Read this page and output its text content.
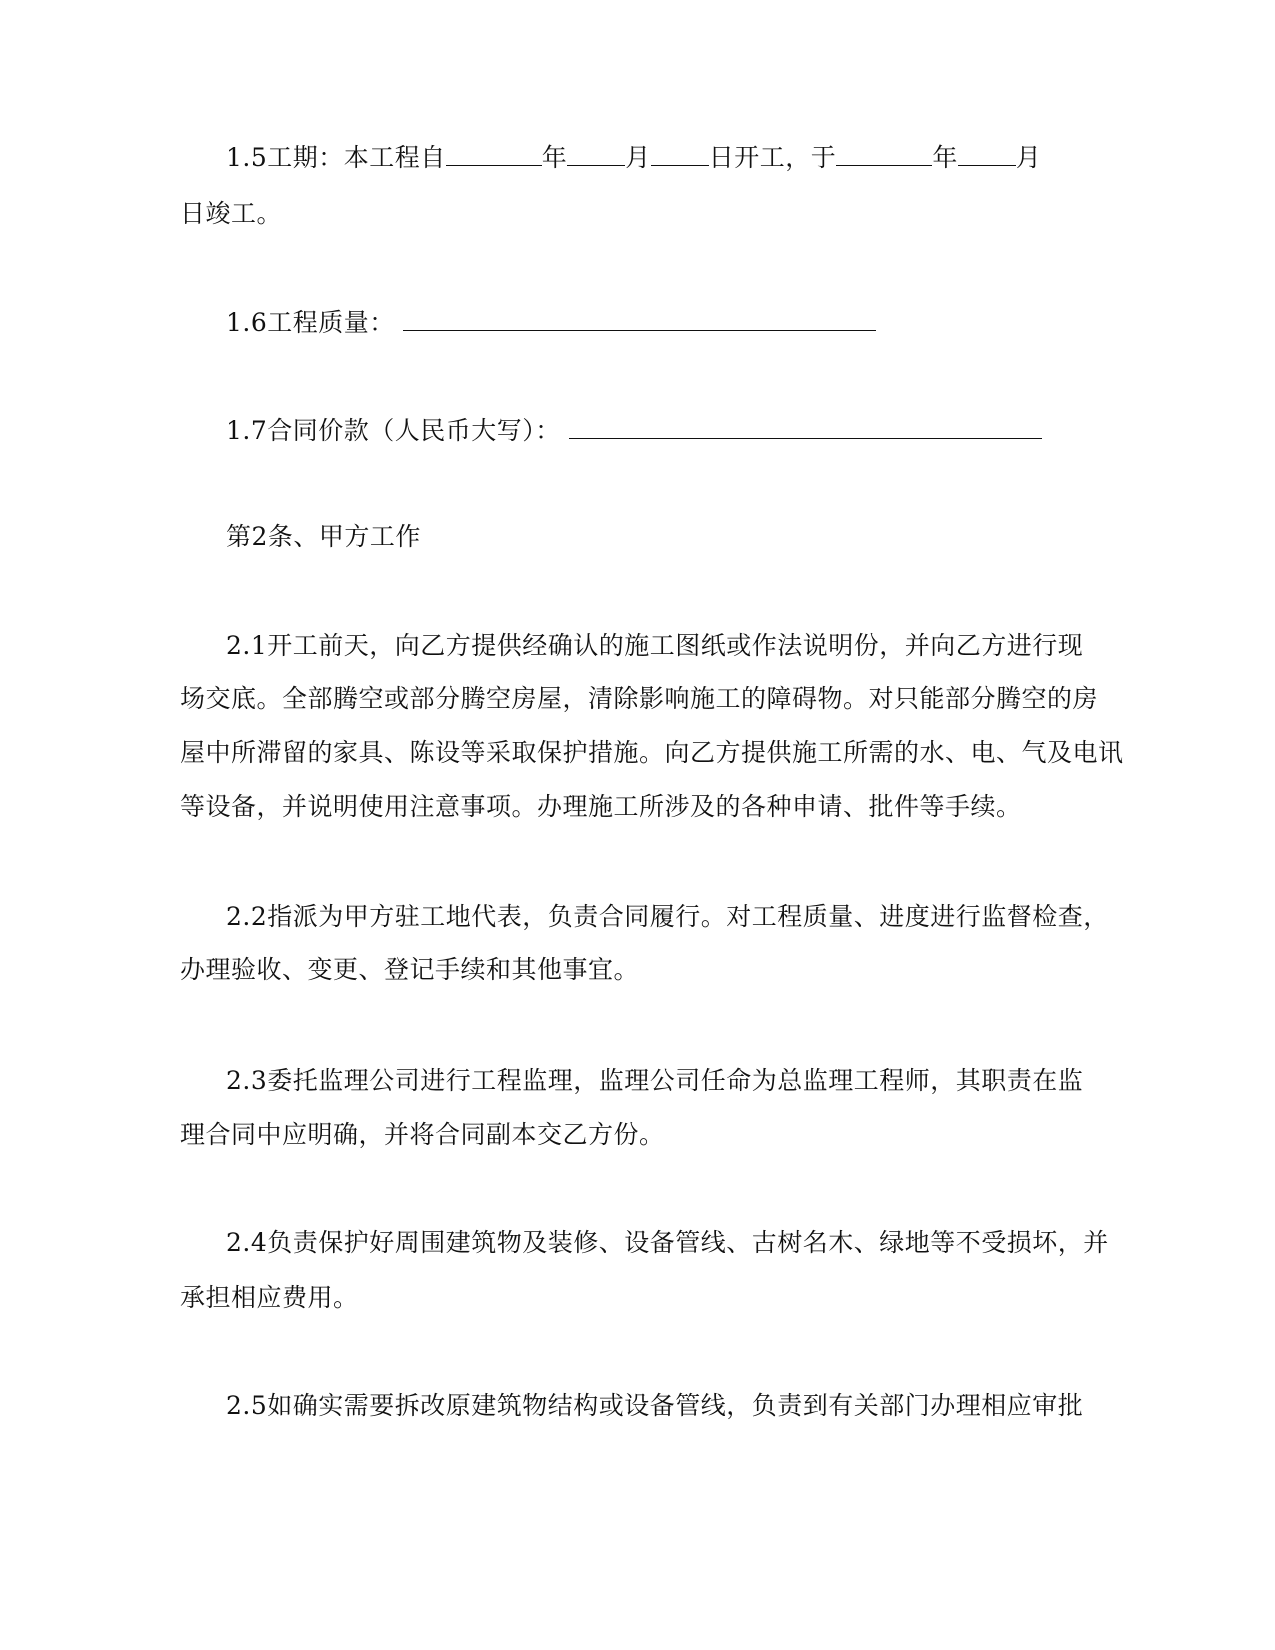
1.5工期：本工程自	年 月 日开工，于	年 月
日竣工。
1.6工程质量：
1.7合同价款（人民币大写）：
第2条、甲方工作
2.1开工前天，向乙方提供经确认的施工图纸或作法说明份，并向乙方进行现
场交底。全部腾空或部分腾空房屋，清除影响施工的障碍物。对只能部分腾空的房
屋中所滞留的家具、陈设等采取保护措施。向乙方提供施工所需的水、电、气及电讯
等设备，并说明使用注意事项。办理施工所涉及的各种申请、批件等手续。
2.2指派为甲方驻工地代表，负责合同履行。对工程质量、进度进行监督检查，
办理验收、变更、登记手续和其他事宜。
2.3委托监理公司进行工程监理，监理公司任命为总监理工程师，其职责在监
理合同中应明确，并将合同副本交乙方份。
2.4负责保护好周围建筑物及装修、设备管线、古树名木、绿地等不受损坏，并
承担相应费用。
2.5如确实需要拆改原建筑物结构或设备管线，负责到有关部门办理相应审批
